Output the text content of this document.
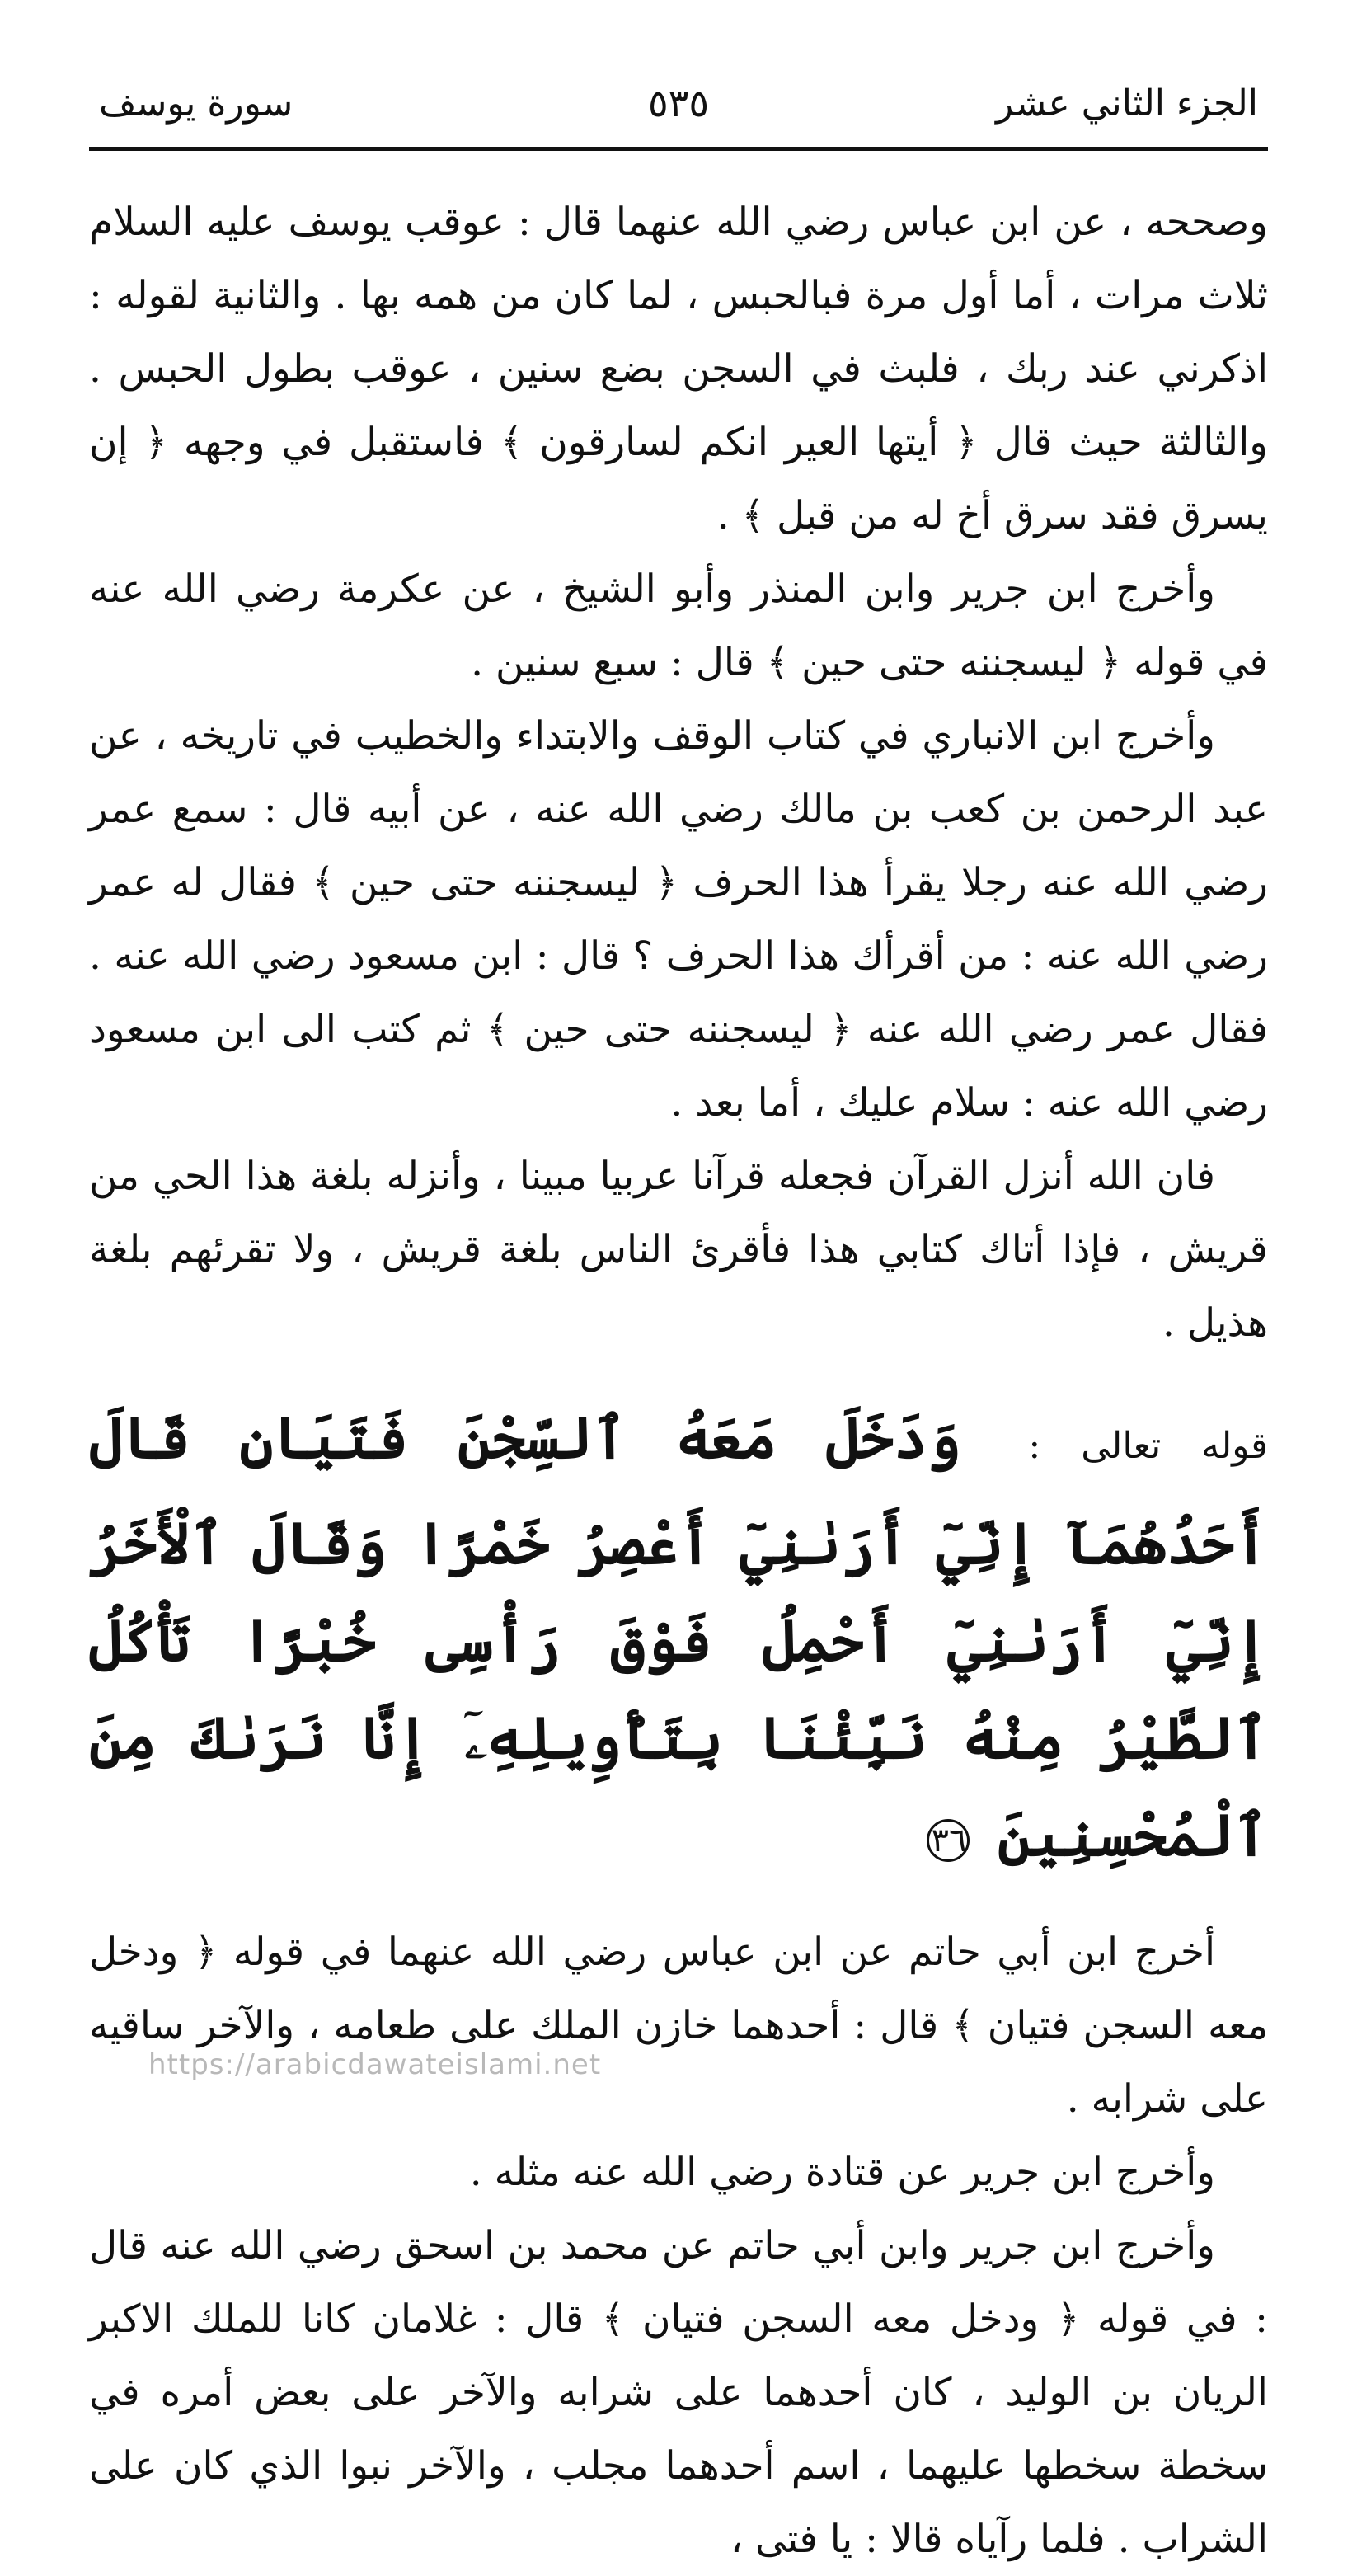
الجزء الثاني عشر
٥٣٥
سورة يوسف

وصححه ، عن ابن عباس رضي الله عنهما قال : عوقب يوسف عليه السلام ثلاث مرات ، أما أول مرة فبالحبس ، لما كان من همه بها . والثانية لقوله : اذكرني عند ربك ، فلبث في السجن بضع سنين ، عوقب بطول الحبس . والثالثة حيث قال ﴿ أيتها العير انكم لسارقون ﴾ فاستقبل في وجهه ﴿ إن يسرق فقد سرق أخ له من قبل ﴾ .

وأخرج ابن جرير وابن المنذر وأبو الشيخ ، عن عكرمة رضي الله عنه في قوله ﴿ ليسجننه حتى حين ﴾ قال : سبع سنين .

وأخرج ابن الانباري في كتاب الوقف والابتداء والخطيب في تاريخه ، عن عبد الرحمن بن كعب بن مالك رضي الله عنه ، عن أبيه قال : سمع عمر رضي الله عنه رجلا يقرأ هذا الحرف ﴿ ليسجننه حتى حين ﴾ فقال له عمر رضي الله عنه : من أقرأك هذا الحرف ؟ قال : ابن مسعود رضي الله عنه . فقال عمر رضي الله عنه ﴿ ليسجننه حتى حين ﴾ ثم كتب الى ابن مسعود رضي الله عنه : سلام عليك ، أما بعد .

فان الله أنزل القرآن فجعله قرآنا عربيا مبينا ، وأنزله بلغة هذا الحي من قريش ، فإذا أتاك كتابي هذا فأقرئ الناس بلغة قريش ، ولا تقرئهم بلغة هذيل .

قوله تعالى : وَدَخَلَ مَعَهُ ٱلسِّجْنَ فَتَيَانِ قَالَ أَحَدُهُمَآ إِنِّيٓ أَرَىٰنِيٓ أَعْصِرُ خَمْرًا وَقَالَ ٱلْأَخَرُ إِنِّيٓ أَرَىٰنِيٓ أَحْمِلُ فَوْقَ رَأْسِى خُبْزًا تَأْكُلُ ٱلطَّيْرُ مِنْهُ نَبِّئْنَا بِتَأْوِيلِهِۦٓ إِنَّا نَرَىٰكَ مِنَ ٱلْمُحْسِنِينَ ٣٦

أخرج ابن أبي حاتم عن ابن عباس رضي الله عنهما في قوله ﴿ ودخل معه السجن فتيان ﴾ قال : أحدهما خازن الملك على طعامه ، والآخر ساقيه على شرابه .

وأخرج ابن جرير عن قتادة رضي الله عنه مثله .

وأخرج ابن جرير وابن أبي حاتم عن محمد بن اسحق رضي الله عنه قال : في قوله ﴿ ودخل معه السجن فتيان ﴾ قال : غلامان كانا للملك الاكبر الريان بن الوليد ، كان أحدهما على شرابه والآخر على بعض أمره في سخطة سخطها عليهما ، اسم أحدهما مجلب ، والآخر نبوا الذي كان على الشراب . فلما رآياه قالا : يا فتى ،

https://arabicdawateislami.net
